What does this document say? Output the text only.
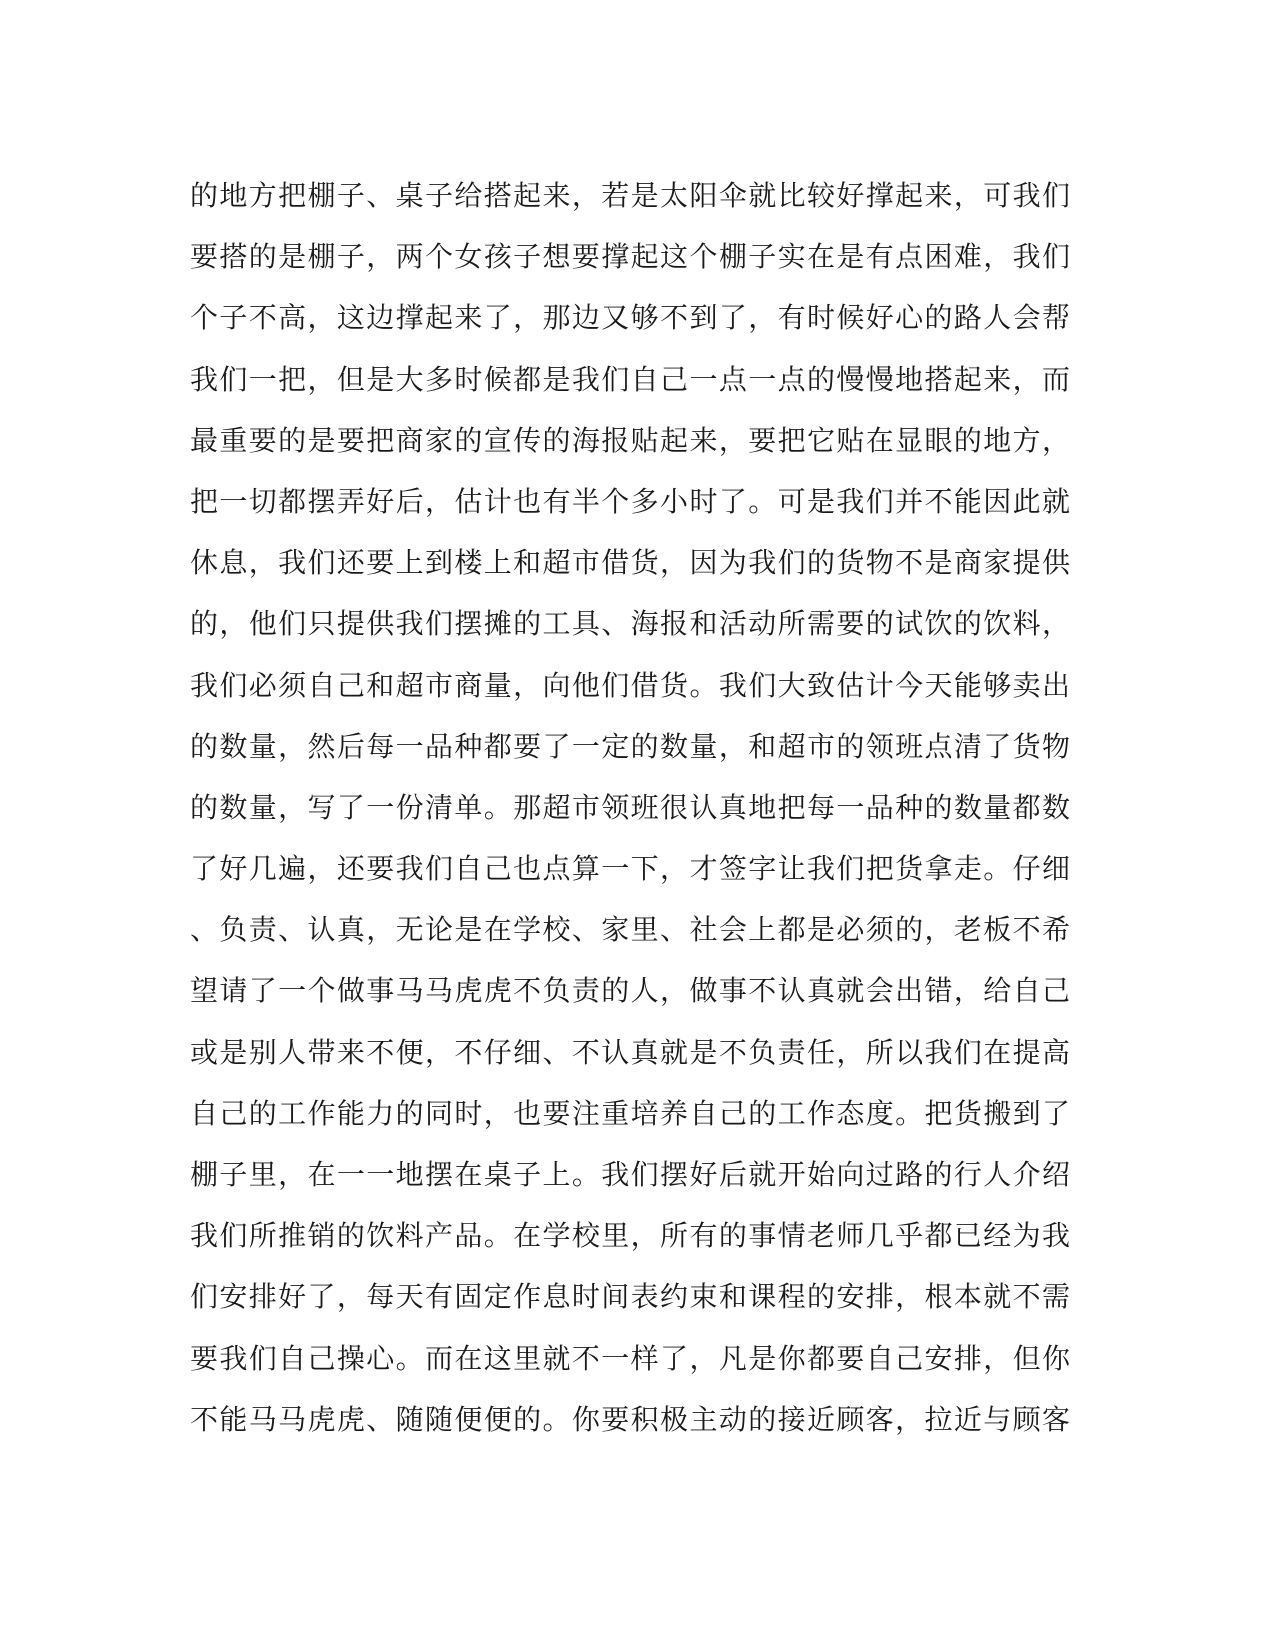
的地方把棚子、桌子给搭起来，若是太阳伞就比较好撑起来，可我们
要搭的是棚子，两个女孩子想要撑起这个棚子实在是有点困难，我们
个子不高，这边撑起来了，那边又够不到了，有时候好心的路人会帮
我们一把，但是大多时候都是我们自己一点一点的慢慢地搭起来，而
最重要的是要把商家的宣传的海报贴起来，要把它贴在显眼的地方，
把一切都摆弄好后，估计也有半个多小时了。可是我们并不能因此就
休息，我们还要上到楼上和超市借货，因为我们的货物不是商家提供
的，他们只提供我们摆摊的工具、海报和活动所需要的试饮的饮料，
我们必须自己和超市商量，向他们借货。我们大致估计今天能够卖出
的数量，然后每一品种都要了一定的数量，和超市的领班点清了货物
的数量，写了一份清单。那超市领班很认真地把每一品种的数量都数
了好几遍，还要我们自己也点算一下，才签字让我们把货拿走。仔细
、负责、认真，无论是在学校、家里、社会上都是必须的，老板不希
望请了一个做事马马虎虎不负责的人，做事不认真就会出错，给自己
或是别人带来不便，不仔细、不认真就是不负责任，所以我们在提高
自己的工作能力的同时，也要注重培养自己的工作态度。把货搬到了
棚子里，在一一地摆在桌子上。我们摆好后就开始向过路的行人介绍
我们所推销的饮料产品。在学校里，所有的事情老师几乎都已经为我
们安排好了，每天有固定作息时间表约束和课程的安排，根本就不需
要我们自己操心。而在这里就不一样了，凡是你都要自己安排，但你
不能马马虎虎、随随便便的。你要积极主动的接近顾客，拉近与顾客
